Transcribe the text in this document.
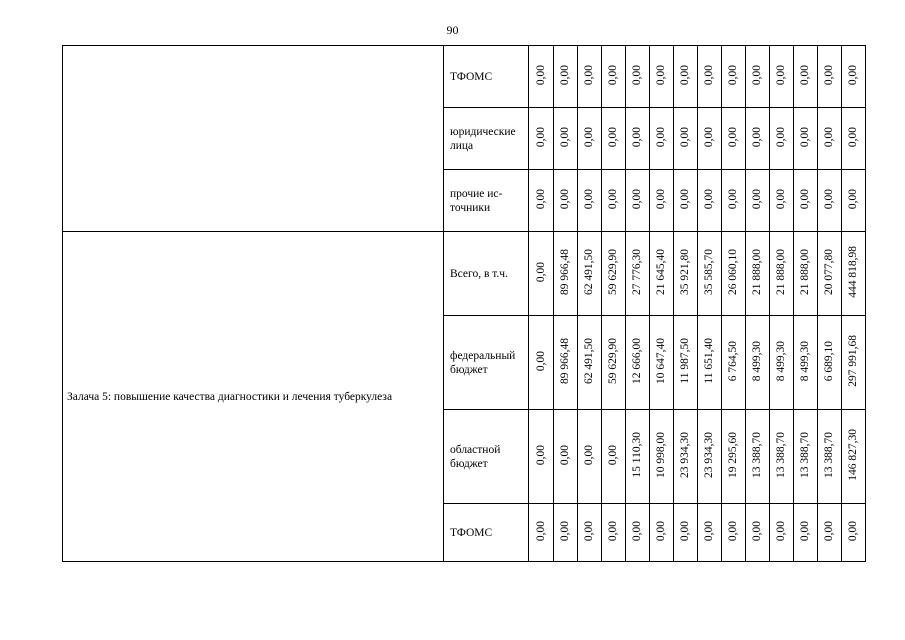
90
	ТФОМС	0,00	0,00	0,00	0,00	0,00	0,00	0,00	0,00	0,00	0,00	0,00	0,00	0,00	0,00
	юридические лица	0,00	0,00	0,00	0,00	0,00	0,00	0,00	0,00	0,00	0,00	0,00	0,00	0,00	0,00
	прочие ис-точники	0,00	0,00	0,00	0,00	0,00	0,00	0,00	0,00	0,00	0,00	0,00	0,00	0,00	0,00
Залача 5: повышение качества диагностики и лечения туберкулеза	Всего, в т.ч.	0,00	89 966,48	62 491,50	59 629,90	27 776,30	21 645,40	35 921,80	35 585,70	26 060,10	21 888,00	21 888,00	21 888,00	20 077,80	444 818,98
	федеральный бюджет	0,00	89 966,48	62 491,50	59 629,90	12 666,00	10 647,40	11 987,50	11 651,40	6 764,50	8 499,30	8 499,30	8 499,30	6 689,10	297 991,68
	областной бюджет	0,00	0,00	0,00	0,00	15 110,30	10 998,00	23 934,30	23 934,30	19 295,60	13 388,70	13 388,70	13 388,70	13 388,70	146 827,30
	ТФОМС	0,00	0,00	0,00	0,00	0,00	0,00	0,00	0,00	0,00	0,00	0,00	0,00	0,00	0,00
